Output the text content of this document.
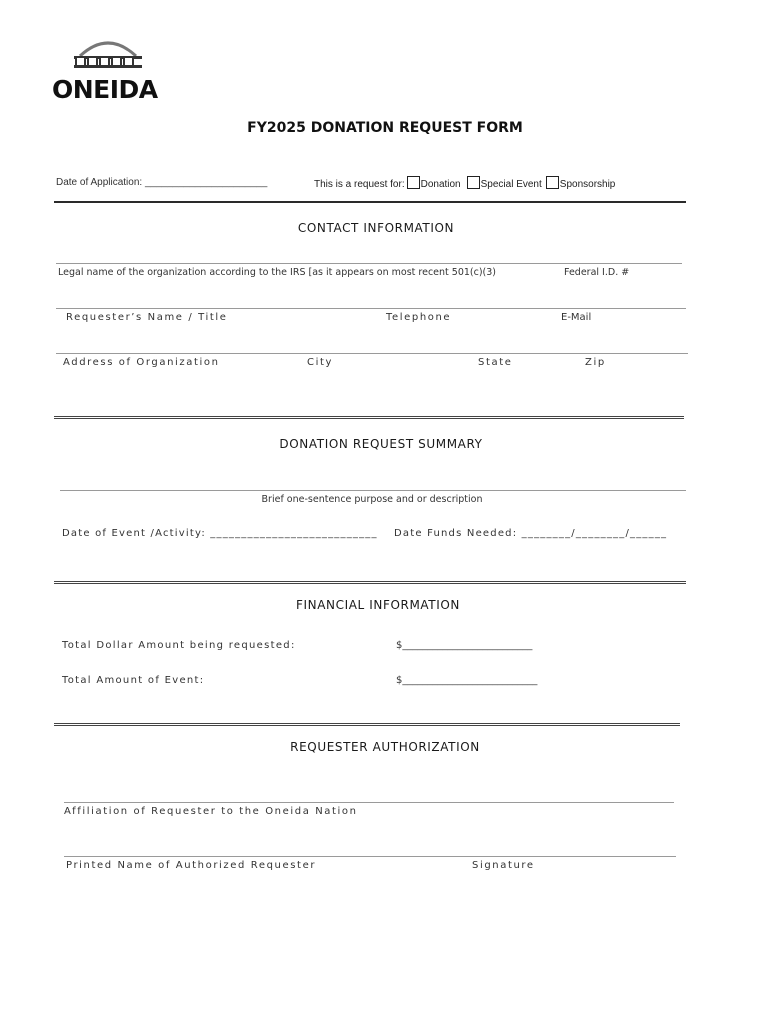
ONEIDA
FY2025 DONATION REQUEST FORM
Date of Application: ______________________	This is a request for: Donation Special Event Sponsorship
CONTACT INFORMATION
Legal name of the organization according to the IRS [as it appears on most recent 501(c)(3)	Federal I.D. #
Requester’s Name / Title	Telephone	E-Mail
Address of Organization	City	State	Zip
DONATION REQUEST SUMMARY
Brief one-sentence purpose and or description
Date of Event /Activity: ___________________________ Date Funds Needed: ________/________/______
FINANCIAL INFORMATION
Total Dollar Amount being requested:	$__________________________
Total Amount of Event:	$___________________________
REQUESTER AUTHORIZATION
Affiliation of Requester to the Oneida Nation
Printed Name of Authorized Requester	Signature
